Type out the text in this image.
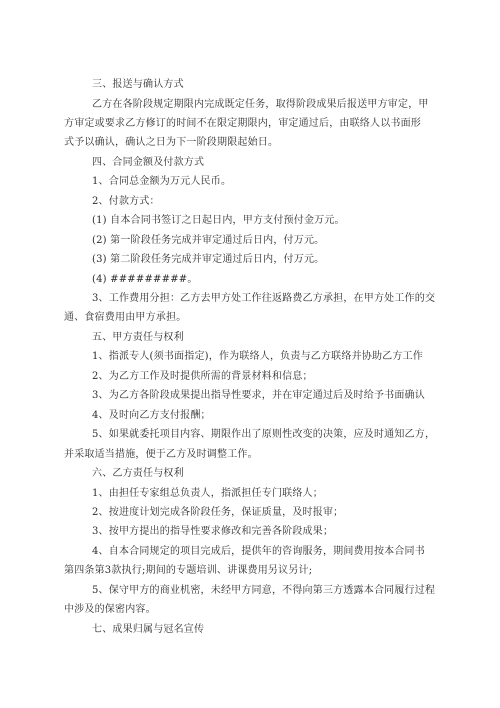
三、报送与确认方式
乙方在各阶段规定期限内完成既定任务，取得阶段成果后报送甲方审定，甲
方审定或要求乙方修订的时间不在限定期限内，审定通过后，由联络人以书面形
式予以确认，确认之日为下一阶段期限起始日。
四、合同金额及付款方式
1、合同总金额为万元人民币。
2、付款方式：
(1) 自本合同书签订之日起日内，甲方支付预付金万元。
(2) 第一阶段任务完成并审定通过后日内，付万元。
(3) 第二阶段任务完成并审定通过后日内，付万元。
(4) #########。
3、工作费用分担：乙方去甲方处工作往返路费乙方承担，在甲方处工作的交
通、食宿费用由甲方承担。
五、甲方责任与权利
1、指派专人(须书面指定)，作为联络人，负责与乙方联络并协助乙方工作
2、为乙方工作及时提供所需的背景材料和信息；
3、为乙方各阶段成果提出指导性要求，并在审定通过后及时给予书面确认
4、及时向乙方支付报酬；
5、如果就委托项目内容、期限作出了原则性改变的决策，应及时通知乙方，
并采取适当措施，便于乙方及时调整工作。
六、乙方责任与权利
1、由担任专家组总负责人，指派担任专门联络人；
2、按进度计划完成各阶段任务，保证质量，及时报审；
3、按甲方提出的指导性要求修改和完善各阶段成果；
4、自本合同规定的项目完成后，提供年的咨询服务，期间费用按本合同书
第四条第3款执行;期间的专题培训、讲课费用另议另计;
5、保守甲方的商业机密，未经甲方同意，不得向第三方透露本合同履行过程
中涉及的保密内容。
七、成果归属与冠名宣传
